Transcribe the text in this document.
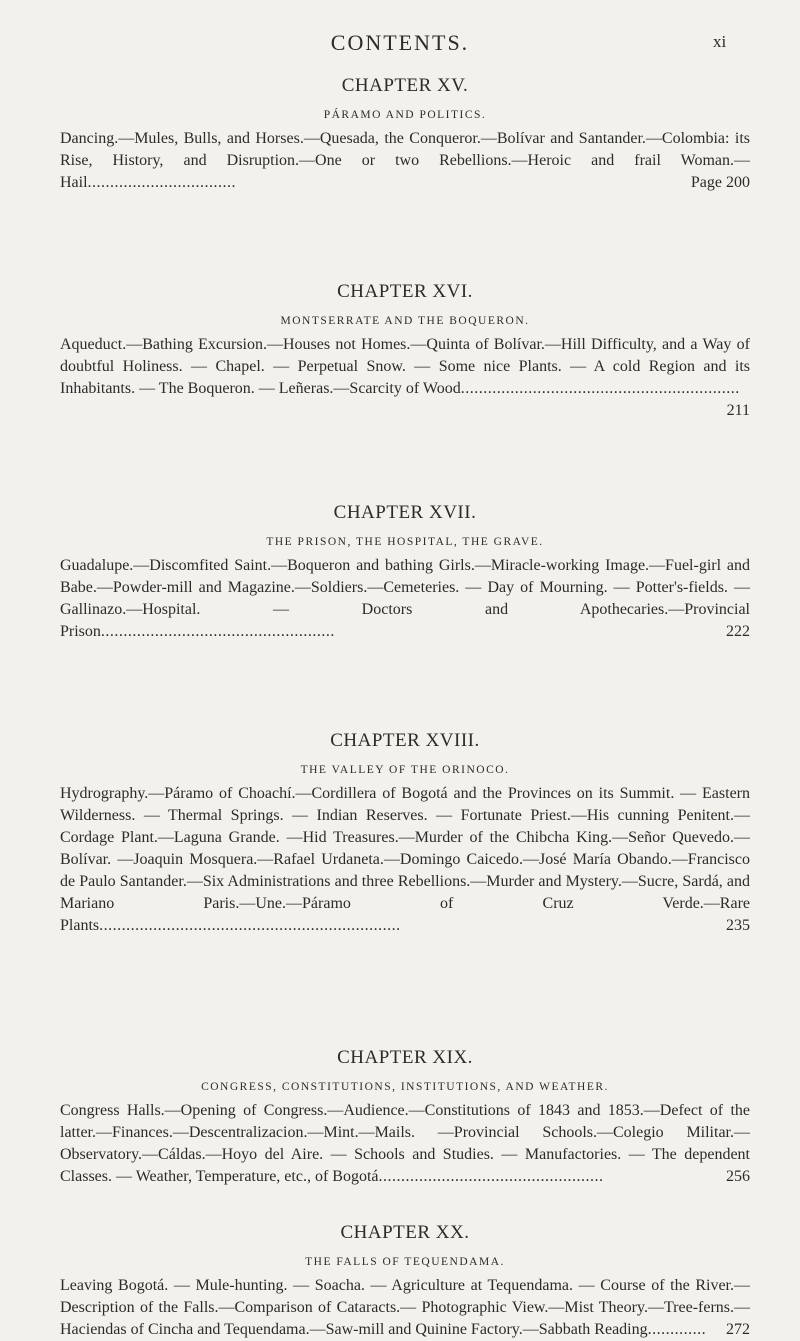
CONTENTS.	xi

CHAPTER XV.

PÁRAMO AND POLITICS.

Dancing.—Mules, Bulls, and Horses.—Quesada, the Conqueror.—Bolívar and Santander.—Colombia: its Rise, History, and Disruption.—One or two Rebellions.—Heroic and frail Woman.—Hail.................................	Page 200

CHAPTER XVI.

MONTSERRATE AND THE BOQUERON.

Aqueduct.—Bathing Excursion.—Houses not Homes.—Quinta of Bolívar.—Hill Difficulty, and a Way of doubtful Holiness. — Chapel. — Perpetual Snow. — Some nice Plants. — A cold Region and its Inhabitants. — The Boqueron. — Leñeras.—Scarcity of Wood..............................................................
211

CHAPTER XVII.

THE PRISON, THE HOSPITAL, THE GRAVE.

Guadalupe.—Discomfited Saint.—Boqueron and bathing Girls.—Miracle-working Image.—Fuel-girl and Babe.—Powder-mill and Magazine.—Soldiers.—Cemeteries. — Day of Mourning. — Potter's-fields. — Gallinazo.—Hospital. — Doctors and Apothecaries.—Provincial Prison....................................................	222

CHAPTER XVIII.

THE VALLEY OF THE ORINOCO.

Hydrography.—Páramo of Choachí.—Cordillera of Bogotá and the Provinces on its Summit. — Eastern Wilderness. — Thermal Springs. — Indian Reserves. — Fortunate Priest.—His cunning Penitent.—Cordage Plant.—Laguna Grande. —Hid Treasures.—Murder of the Chibcha King.—Señor Quevedo.—Bolívar. —Joaquin Mosquera.—Rafael Urdaneta.—Domingo Caicedo.—José María Obando.—Francisco de Paulo Santander.—Six Administrations and three Rebellions.—Murder and Mystery.—Sucre, Sardá, and Mariano Paris.—Une.—Páramo of Cruz Verde.—Rare Plants...................................................................	235

CHAPTER XIX.

CONGRESS, CONSTITUTIONS, INSTITUTIONS, AND WEATHER.

Congress Halls.—Opening of Congress.—Audience.—Constitutions of 1843 and 1853.—Defect of the latter.—Finances.—Descentralizacion.—Mint.—Mails. —Provincial Schools.—Colegio Militar.—Observatory.—Cáldas.—Hoyo del Aire. — Schools and Studies. — Manufactories. — The dependent Classes. — Weather, Temperature, etc., of Bogotá..................................................	256

CHAPTER XX.

THE FALLS OF TEQUENDAMA.

Leaving Bogotá. — Mule-hunting. — Soacha. — Agriculture at Tequendama. — Course of the River.—Description of the Falls.—Comparison of Cataracts.— Photographic View.—Mist Theory.—Tree-ferns.—Haciendas of Cincha and Tequendama.—Saw-mill and Quinine Factory.—Sabbath Reading............. 272
